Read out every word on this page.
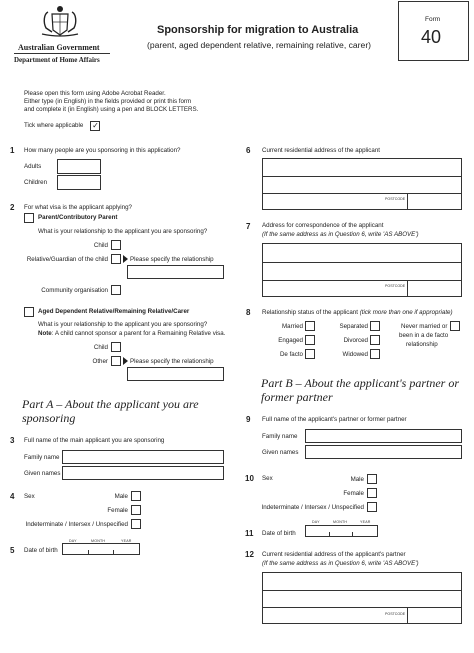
Australian Government
Department of Home Affairs
Sponsorship for migration to Australia
(parent, aged dependent relative, remaining relative, carer)
Form
40
Please open this form using Adobe Acrobat Reader.
Either type (in English) in the fields provided or print this form
and complete it (in English) using a pen and BLOCK LETTERS.
Tick where applicable ✓
1 How many people are you sponsoring in this application?
Adults
Children
2 For what visa is the applicant applying?
Parent/Contributory Parent
What is your relationship to the applicant you are sponsoring?
Child
Relative/Guardian of the child	Please specify the relationship
Community organisation
Aged Dependent Relative/Remaining Relative/Carer
What is your relationship to the applicant you are sponsoring?
Note: A child cannot sponsor a parent for a Remaining Relative visa.
Child
Other	Please specify the relationship
Part A – About the applicant you are
sponsoring
3 Full name of the main applicant you are sponsoring
Family name
Given names
4 Sex	Male
Female
Indeterminate / Intersex / Unspecified
5 Date of birth
DAY	MONTH	YEAR
6 Current residential address of the applicant
POSTCODE
7 Address for correspondence of the applicant
(If the same address as in Question 6, write 'AS ABOVE')
POSTCODE
8 Relationship status of the applicant (tick more than one if appropriate)
Married
Engaged
De facto
Separated
Divorced
Widowed
Never married or
been in a de facto
relationship
Part B – About the applicant's partner or
former partner
9 Full name of the applicant's partner or former partner
Family name
Given names
10 Sex	Male
Female
Indeterminate / Intersex / Unspecified
11 Date of birth
DAY	MONTH	YEAR
12 Current residential address of the applicant's partner
(If the same address as in Question 6, write 'AS ABOVE')
POSTCODE
